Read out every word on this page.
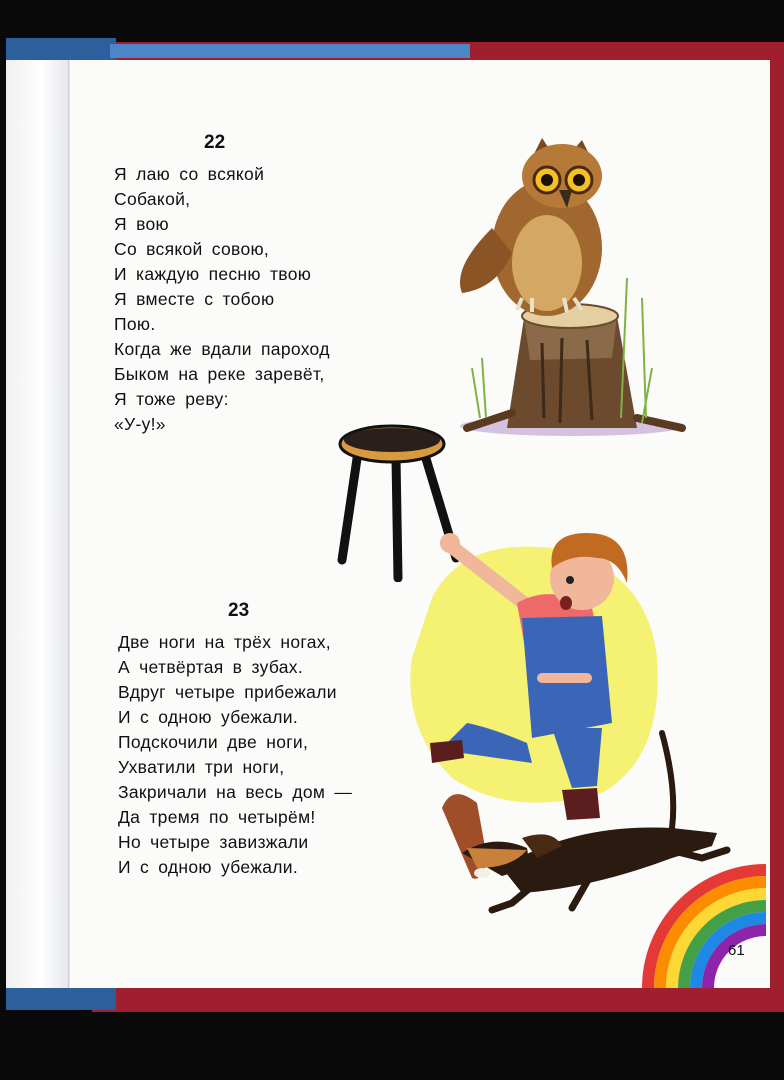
22
Я лаю со всякой
Собакой,
Я вою
Со всякой совою,
И каждую песню твою
Я вместе с тобою
Пою.
Когда же вдали пароход
Быком на реке заревёт,
Я тоже реву:
«У-у!»
23
Две ноги на трёх ногах,
А четвёртая в зубах.
Вдруг четыре прибежали
И с одною убежали.
Подскочили две ноги,
Ухватили три ноги,
Закричали на весь дом —
Да тремя по четырём!
Но четыре завизжали
И с одною убежали.
61
